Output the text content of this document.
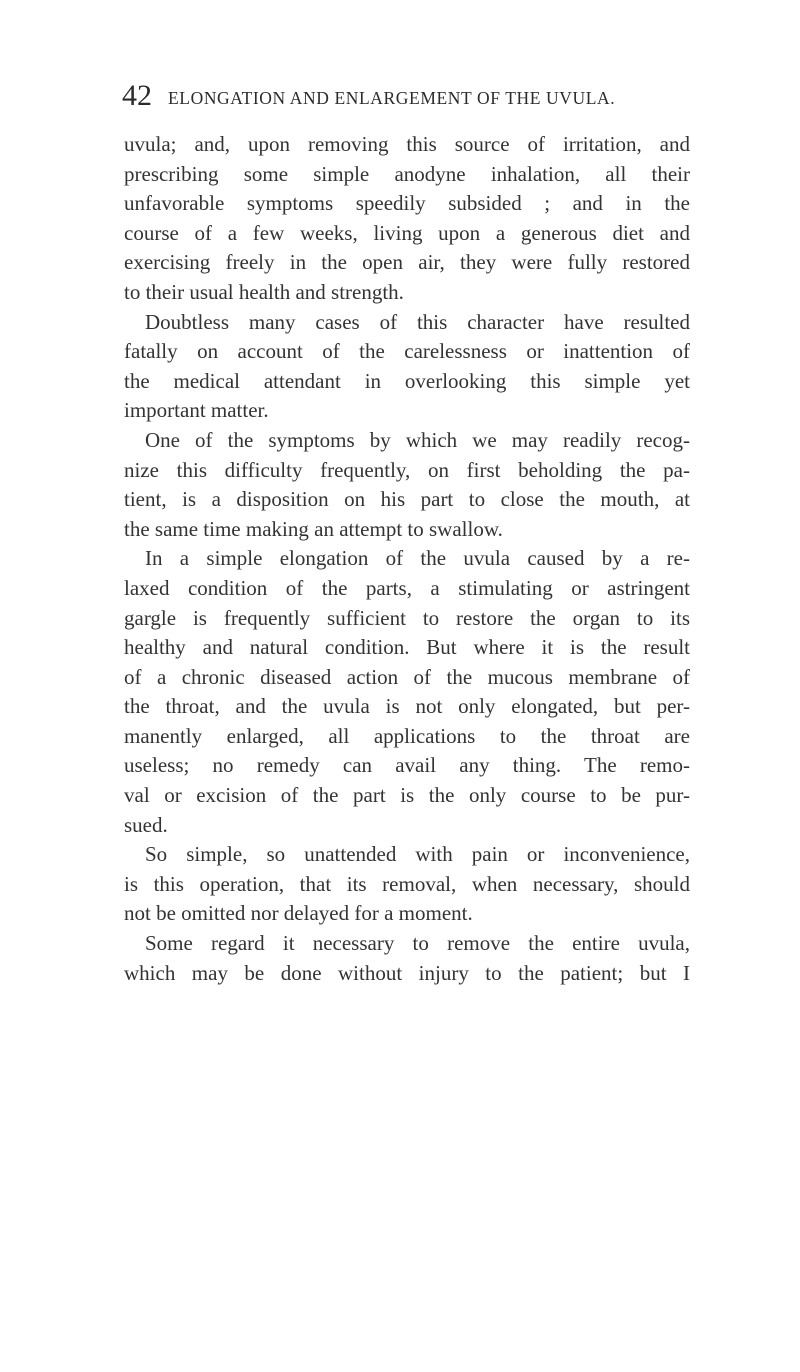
42 ELONGATION AND ENLARGEMENT OF THE UVULA.
uvula; and, upon removing this source of irritation, and
prescribing some simple anodyne inhalation, all their
unfavorable symptoms speedily subsided ; and in the
course of a few weeks, living upon a generous diet and
exercising freely in the open air, they were fully restored
to their usual health and strength.
Doubtless many cases of this character have resulted
fatally on account of the carelessness or inattention of
the medical attendant in overlooking this simple yet
important matter.
One of the symptoms by which we may readily recog-
nize this difficulty frequently, on first beholding the pa-
tient, is a disposition on his part to close the mouth, at
the same time making an attempt to swallow.
In a simple elongation of the uvula caused by a re-
laxed condition of the parts, a stimulating or astringent
gargle is frequently sufficient to restore the organ to its
healthy and natural condition. But where it is the result
of a chronic diseased action of the mucous membrane of
the throat, and the uvula is not only elongated, but per-
manently enlarged, all applications to the throat are
useless; no remedy can avail any thing. The remo-
val or excision of the part is the only course to be pur-
sued.
So simple, so unattended with pain or inconvenience,
is this operation, that its removal, when necessary, should
not be omitted nor delayed for a moment.
Some regard it necessary to remove the entire uvula,
which may be done without injury to the patient; but I
